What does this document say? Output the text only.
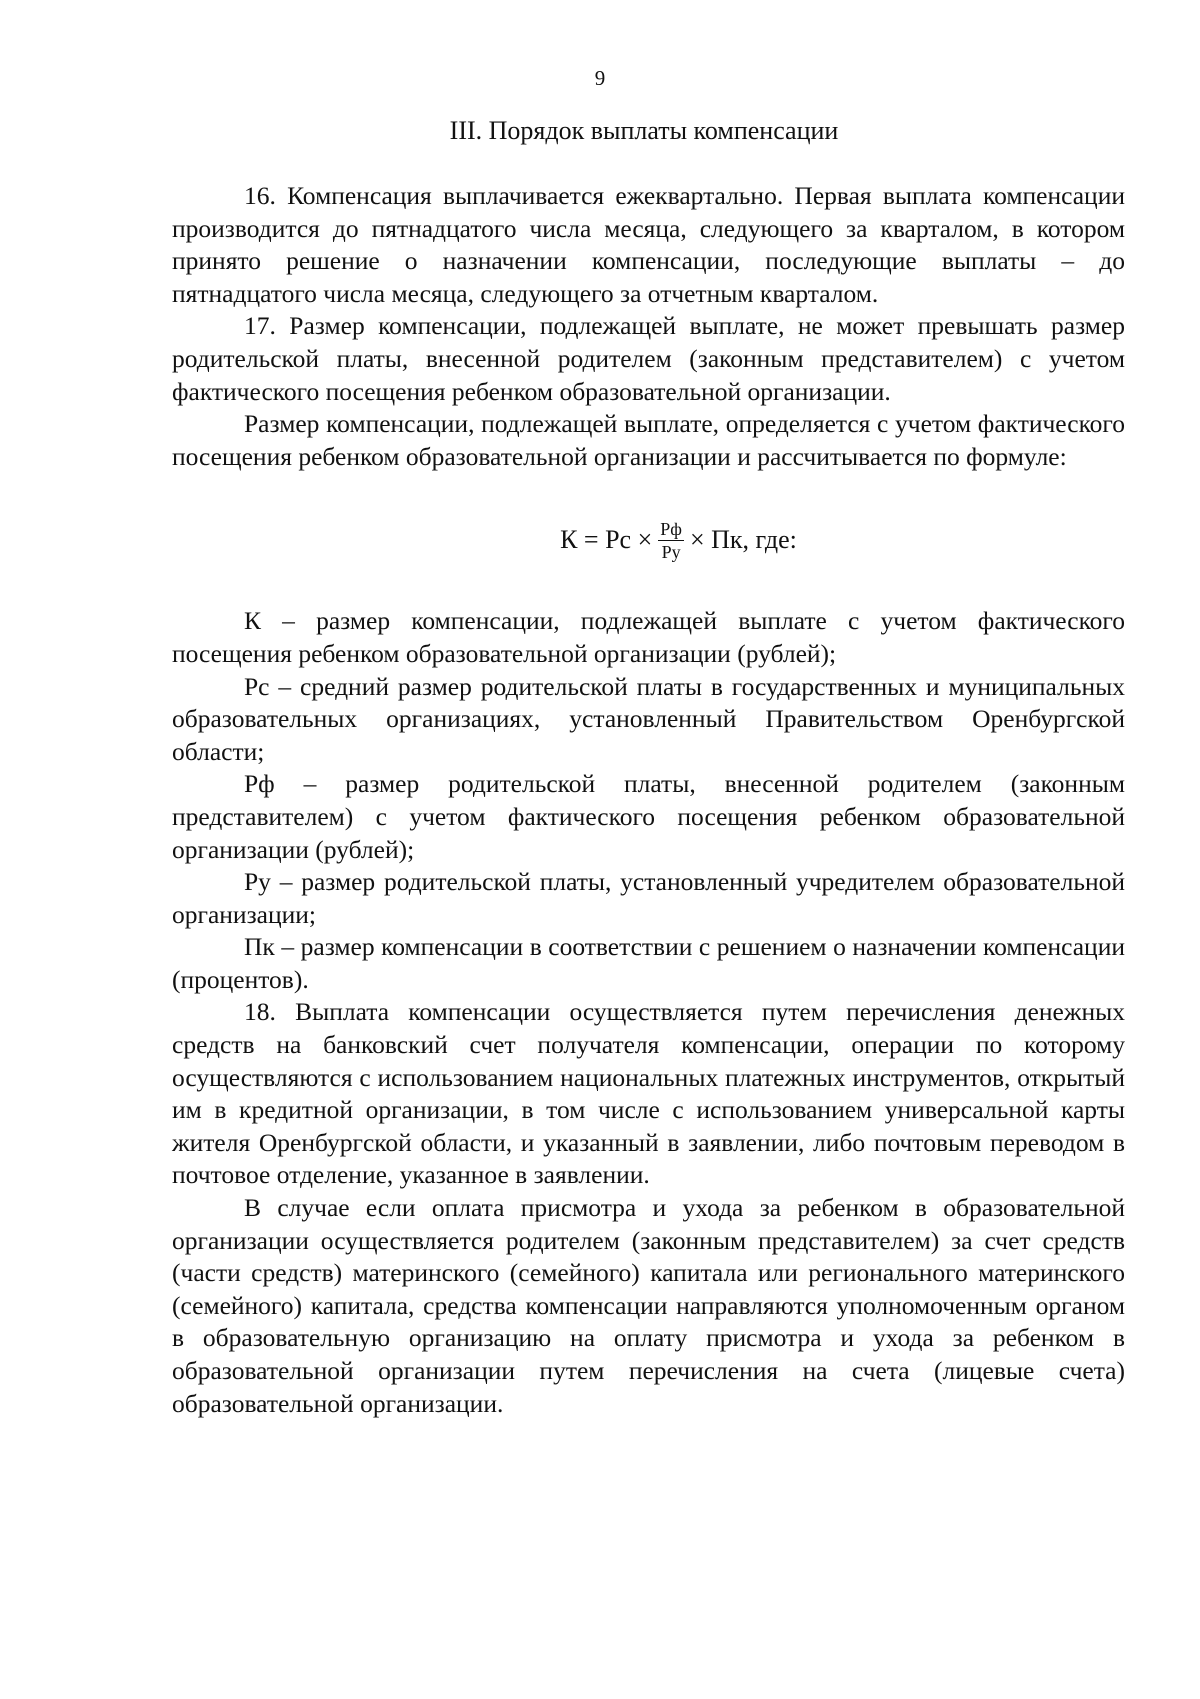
9
III. Порядок выплаты компенсации

16. Компенсация выплачивается ежеквартально. Первая выплата компенсации производится до пятнадцатого числа месяца, следующего за кварталом, в котором принято решение о назначении компенсации, последующие выплаты – до пятнадцатого числа месяца, следующего за отчетным кварталом.

17. Размер компенсации, подлежащей выплате, не может превышать размер родительской платы, внесенной родителем (законным представителем) с учетом фактического посещения ребенком образовательной организации.

Размер компенсации, подлежащей выплате, определяется с учетом фактического посещения ребенком образовательной организации и рассчитывается по формуле:

К = Рс × $\frac{Рф}{Ру}$ × Пк, где:

К – размер компенсации, подлежащей выплате с учетом фактического посещения ребенком образовательной организации (рублей);

Рс – средний размер родительской платы в государственных и муниципальных образовательных организациях, установленный Правительством Оренбургской области;

Рф – размер родительской платы, внесенной родителем (законным представителем) с учетом фактического посещения ребенком образовательной организации (рублей);

Ру – размер родительской платы, установленный учредителем образовательной организации;

Пк – размер компенсации в соответствии с решением о назначении компенсации (процентов).

18. Выплата компенсации осуществляется путем перечисления денежных средств на банковский счет получателя компенсации, операции по которому осуществляются с использованием национальных платежных инструментов, открытый им в кредитной организации, в том числе с использованием универсальной карты жителя Оренбургской области, и указанный в заявлении, либо почтовым переводом в почтовое отделение, указанное в заявлении.

В случае если оплата присмотра и ухода за ребенком в образовательной организации осуществляется родителем (законным представителем) за счет средств (части средств) материнского (семейного) капитала или регионального материнского (семейного) капитала, средства компенсации направляются уполномоченным органом в образовательную организацию на оплату присмотра и ухода за ребенком в образовательной организации путем перечисления на счета (лицевые счета) образовательной организации.
